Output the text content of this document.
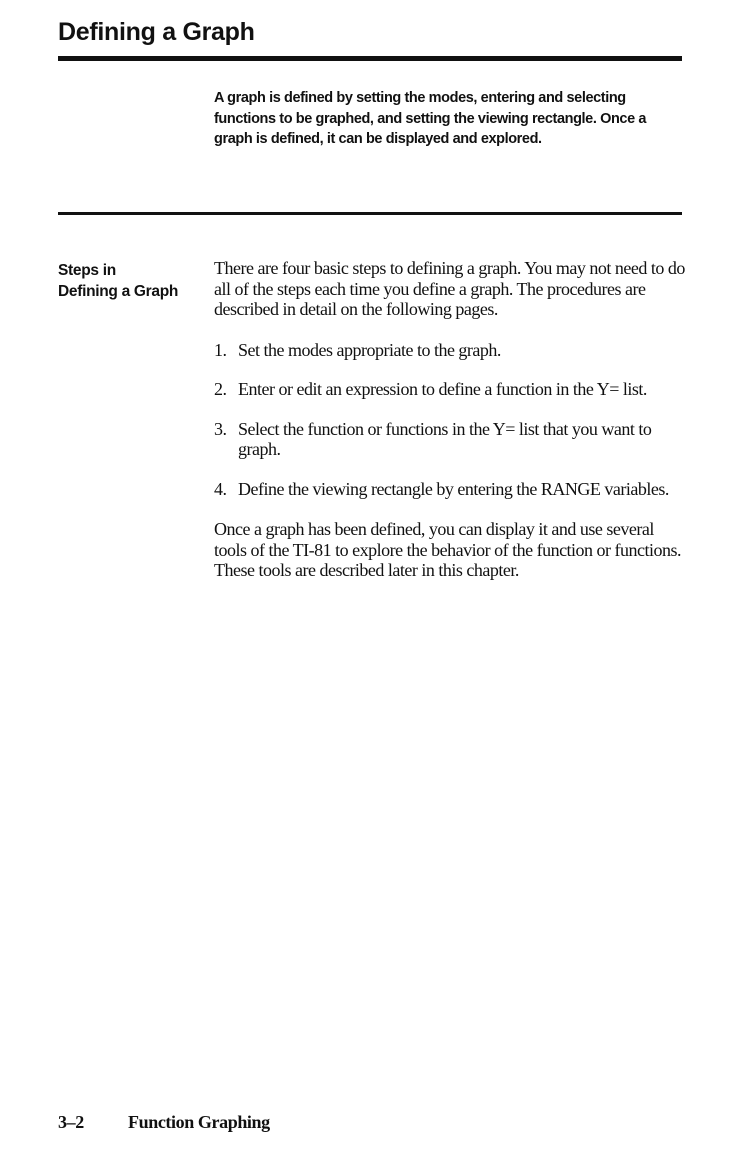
Defining a Graph

A graph is defined by setting the modes, entering and selecting functions to be graphed, and setting the viewing rectangle. Once a graph is defined, it can be displayed and explored.

Steps in
Defining a Graph

There are four basic steps to defining a graph. You may not need to do all of the steps each time you define a graph. The procedures are described in detail on the following pages.

1. Set the modes appropriate to the graph.
2. Enter or edit an expression to define a function in the Y= list.
3. Select the function or functions in the Y= list that you want to graph.
4. Define the viewing rectangle by entering the RANGE variables.

Once a graph has been defined, you can display it and use several tools of the TI-81 to explore the behavior of the function or functions. These tools are described later in this chapter.

3–2 Function Graphing
